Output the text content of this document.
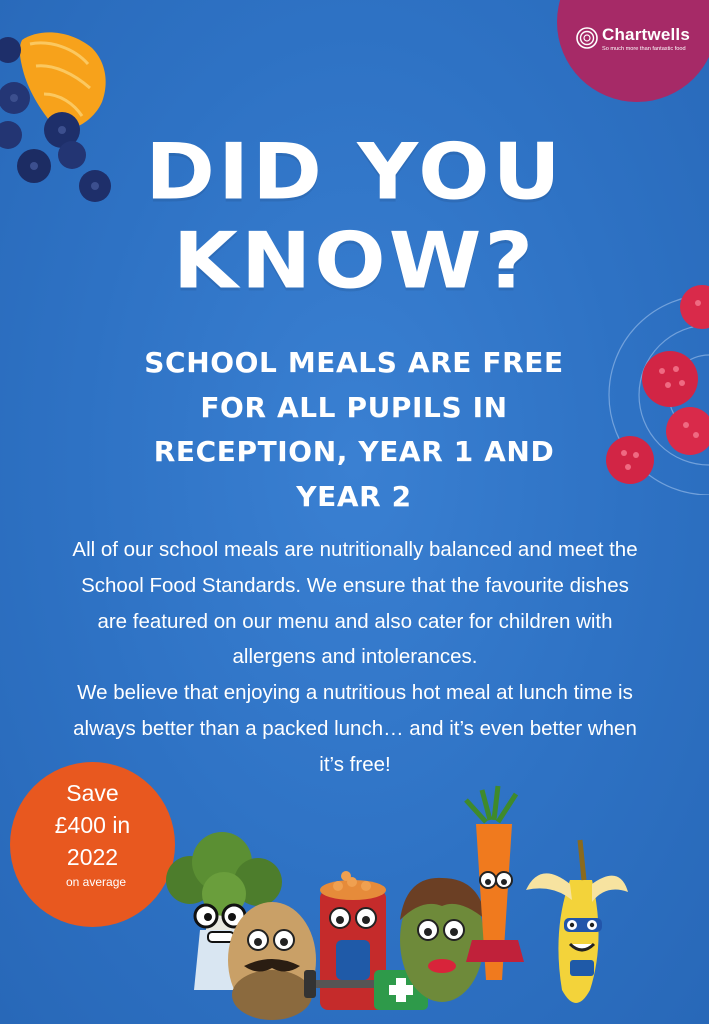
Chartwells
So much more than fantastic food
DID YOU
KNOW?
SCHOOL MEALS ARE FREE
FOR ALL PUPILS IN
RECEPTION, YEAR 1 AND
YEAR 2

All of our school meals are nutritionally balanced and meet the School Food Standards. We ensure that the favourite dishes are featured on our menu and also cater for children with allergens and intolerances.

We believe that enjoying a nutritious hot meal at lunch time is always better than a packed lunch… and it’s even better when it’s free!

Save
£400 in
2022
on average
